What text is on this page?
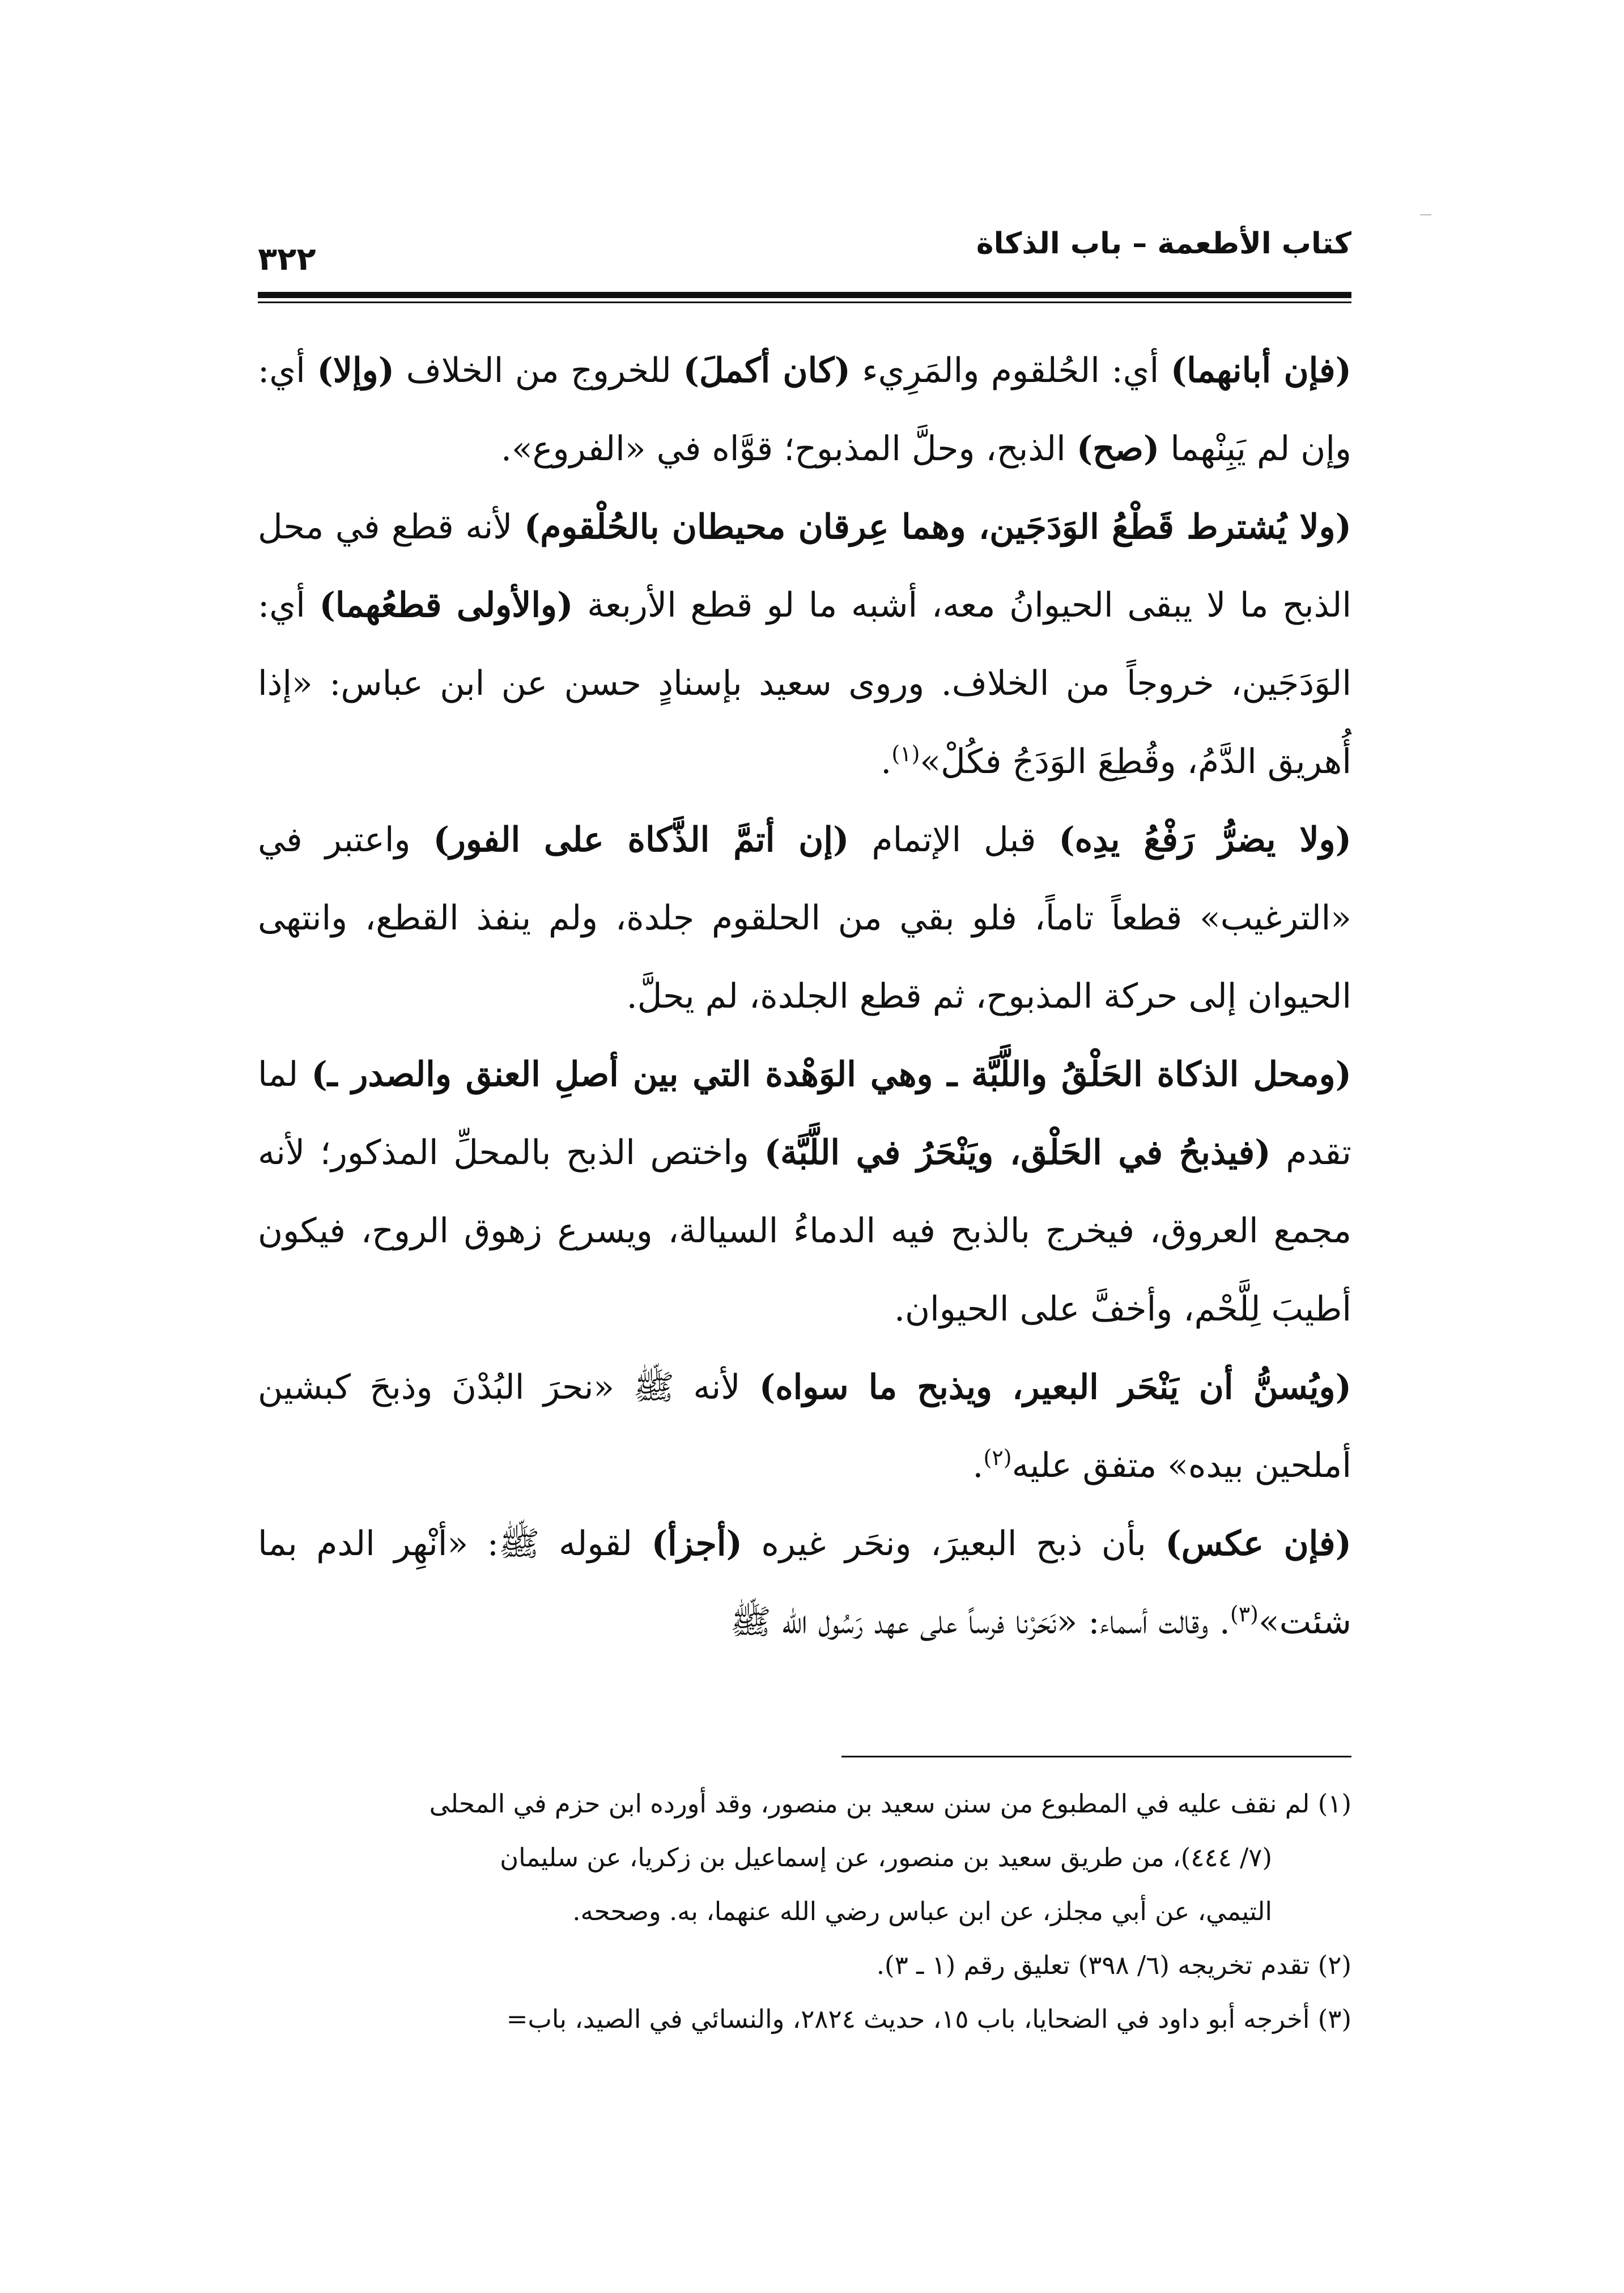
٣٢٢	كتاب الأطعمة – باب الذكاة

(فإن أبانهما) أي: الحُلقوم والمَرِيء (كان أكملَ) للخروج من الخلاف (وإلا) أي: وإن لم يَبِنْهما (صح) الذبح، وحلَّ المذبوح؛ قوَّاه في «الفروع».

(ولا يُشترط قَطْعُ الوَدَجَين، وهما عِرقان محيطان بالحُلْقوم) لأنه قطع في محل الذبح ما لا يبقى الحيوانُ معه، أشبه ما لو قطع الأربعة (والأولى قطعُهما) أي: الوَدَجَين، خروجاً من الخلاف. وروى سعيد بإسنادٍ حسن عن ابن عباس: «إذا أُهريق الدَّمُ، وقُطِعَ الوَدَجُ فكُلْ»$^{(١)}$.

(ولا يضرُّ رَفْعُ يدِه) قبل الإتمام (إن أتمَّ الذَّكاة على الفور) واعتبر في «الترغيب» قطعاً تاماً، فلو بقي من الحلقوم جلدة، ولم ينفذ القطع، وانتهى الحيوان إلى حركة المذبوح، ثم قطع الجلدة، لم يحلَّ.

(ومحل الذكاة الحَلْقُ واللَّبَّة ـ وهي الوَهْدة التي بين أصلِ العنق والصدر ـ) لما تقدم (فيذبحُ في الحَلْق، ويَنْحَرُ في اللَّبَّة) واختص الذبح بالمحلِّ المذكور؛ لأنه مجمع العروق، فيخرج بالذبح فيه الدماءُ السيالة، ويسرع زهوق الروح، فيكون أطيبَ لِلَّحْم، وأخفَّ على الحيوان.

(ويُسنُّ أن يَنْحَر البعير، ويذبح ما سواه) لأنه ﷺ «نحرَ البُدْنَ وذبحَ كبشين أملحين بيده» متفق عليه$^{(٢)}$.

(فإن عكس) بأن ذبح البعيرَ، ونحَر غيره (أجزأ) لقوله ﷺ: «أنْهِر الدم بما شئت»$^{(٣)}$. وقالت أسماء: «نَحَرْنا فرساً على عهد رَسُول الله ﷺ

(١) لم نقف عليه في المطبوع من سنن سعيد بن منصور، وقد أورده ابن حزم في المحلى
(٧/ ٤٤٤)، من طريق سعيد بن منصور، عن إسماعيل بن زكريا، عن سليمان
التيمي، عن أبي مجلز، عن ابن عباس رضي الله عنهما، به. وصححه.
(٢) تقدم تخريجه (٦/ ٣٩٨) تعليق رقم (١ ـ ٣).
(٣) أخرجه أبو داود في الضحايا، باب ١٥، حديث ٢٨٢٤، والنسائي في الصيد، باب=
